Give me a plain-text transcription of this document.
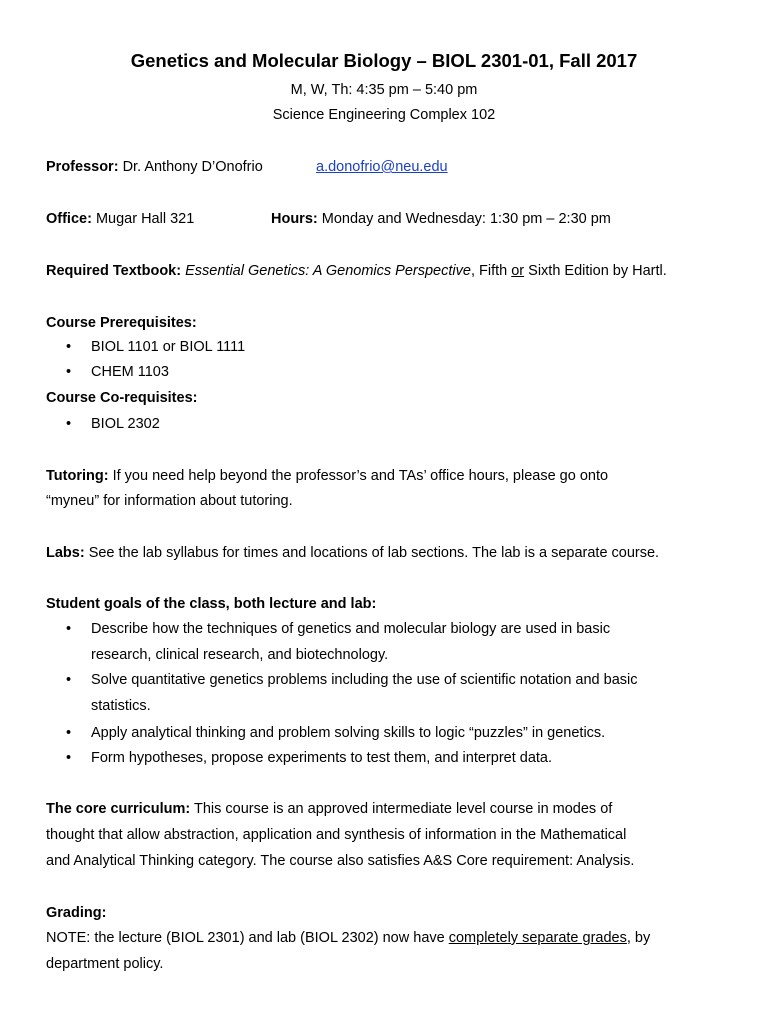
Genetics and Molecular Biology – BIOL 2301-01, Fall 2017
M, W, Th: 4:35 pm – 5:40 pm
Science Engineering Complex 102
Professor: Dr. Anthony D’Onofrio	a.donofrio@neu.edu
Office: Mugar Hall 321	Hours: Monday and Wednesday: 1:30 pm – 2:30 pm
Required Textbook: Essential Genetics: A Genomics Perspective, Fifth or Sixth Edition by Hartl.
Course Prerequisites:
• BIOL 1101 or BIOL 1111
• CHEM 1103
Course Co-requisites:
• BIOL 2302
Tutoring: If you need help beyond the professor’s and TAs’ office hours, please go onto
“myneu” for information about tutoring.
Labs: See the lab syllabus for times and locations of lab sections. The lab is a separate course.
Student goals of the class, both lecture and lab:
• Describe how the techniques of genetics and molecular biology are used in basic
research, clinical research, and biotechnology.
• Solve quantitative genetics problems including the use of scientific notation and basic
statistics.
• Apply analytical thinking and problem solving skills to logic “puzzles” in genetics.
• Form hypotheses, propose experiments to test them, and interpret data.
The core curriculum: This course is an approved intermediate level course in modes of
thought that allow abstraction, application and synthesis of information in the Mathematical
and Analytical Thinking category. The course also satisfies A&S Core requirement: Analysis.
Grading:
NOTE: the lecture (BIOL 2301) and lab (BIOL 2302) now have completely separate grades, by
department policy.
